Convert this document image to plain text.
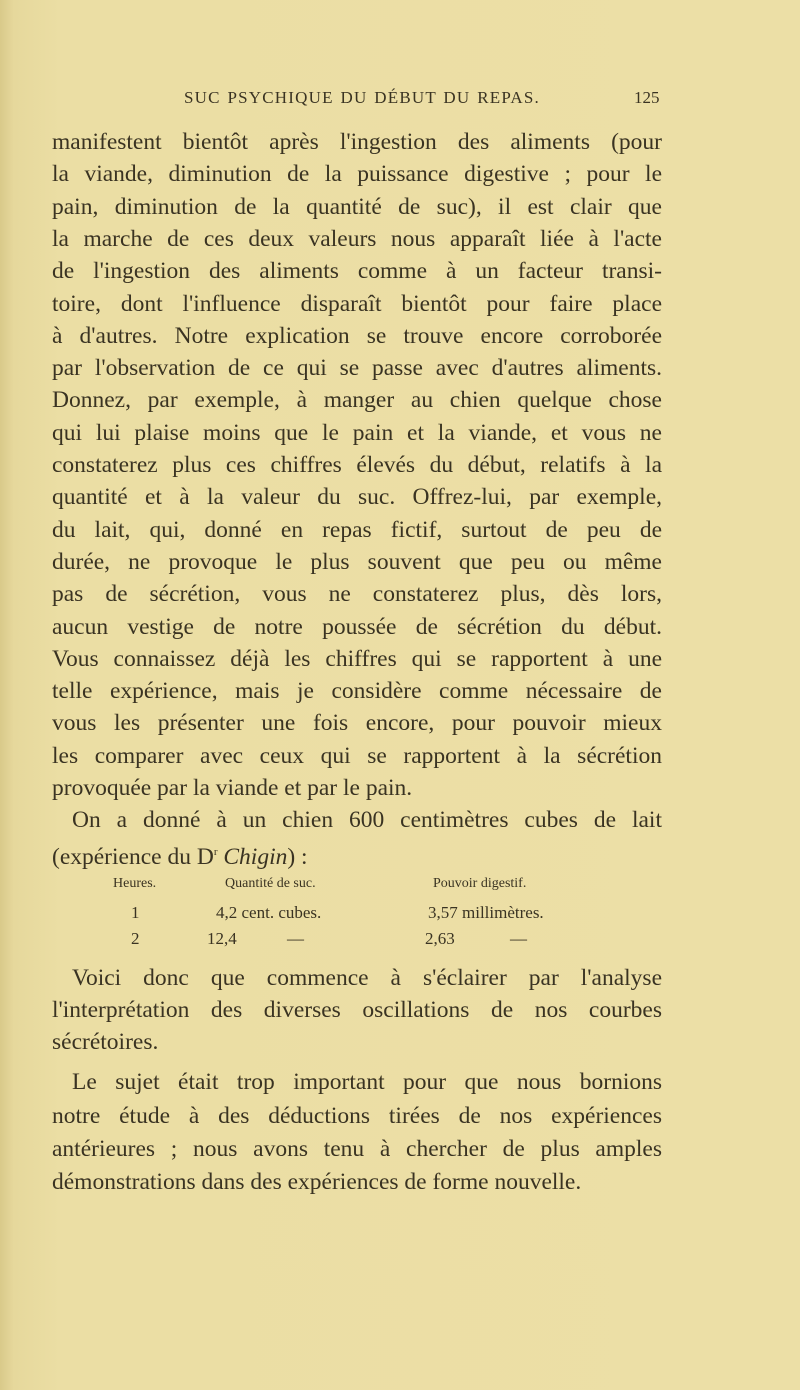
SUC PSYCHIQUE DU DÉBUT DU REPAS.	125
manifestent bientôt après l'ingestion des aliments (pour
la viande, diminution de la puissance digestive ; pour le
pain, diminution de la quantité de suc), il est clair que
la marche de ces deux valeurs nous apparaît liée à l'acte
de l'ingestion des aliments comme à un facteur transi-
toire, dont l'influence disparaît bientôt pour faire place
à d'autres. Notre explication se trouve encore corroborée
par l'observation de ce qui se passe avec d'autres aliments.
Donnez, par exemple, à manger au chien quelque chose
qui lui plaise moins que le pain et la viande, et vous ne
constaterez plus ces chiffres élevés du début, relatifs à la
quantité et à la valeur du suc. Offrez-lui, par exemple,
du lait, qui, donné en repas fictif, surtout de peu de
durée, ne provoque le plus souvent que peu ou même
pas de sécrétion, vous ne constaterez plus, dès lors,
aucun vestige de notre poussée de sécrétion du début.
Vous connaissez déjà les chiffres qui se rapportent à une
telle expérience, mais je considère comme nécessaire de
vous les présenter une fois encore, pour pouvoir mieux
les comparer avec ceux qui se rapportent à la sécrétion
provoquée par la viande et par le pain.
Voici donc que commence à s'éclairer par l'analyse
l'interprétation des diverses oscillations de nos courbes
sécrétoires.
Le sujet était trop important pour que nous bornions
notre étude à des déductions tirées de nos expériences
antérieures ; nous avons tenu à chercher de plus amples
démonstrations dans des expériences de forme nouvelle.
On a donné à un chien 600 centimètres cubes de lait
(expérience du $D^r$ Chigin) :
Heures.	Quantité de suc.	Pouvoir digestif.
1	4,2 cent. cubes.	3,57 millimètres.
2	12,4	—	2,63	—
